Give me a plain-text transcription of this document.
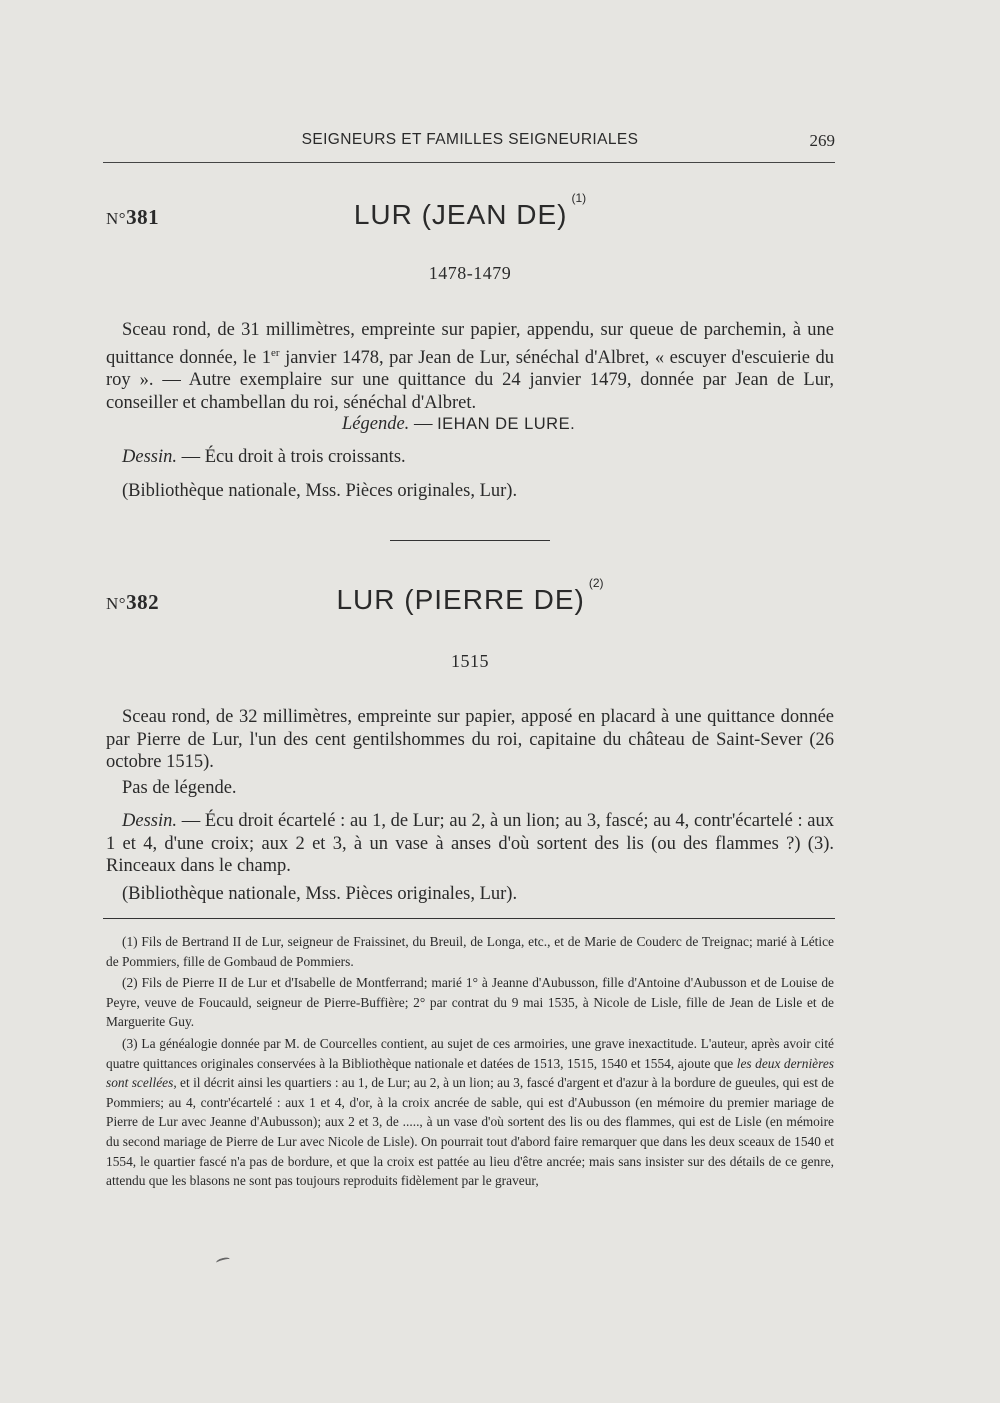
SEIGNEURS ET FAMILLES SEIGNEURIALES	269
N°381	LUR (JEAN DE)$^{(1)}$
1478-1479
Sceau rond, de 31 millimètres, empreinte sur papier, appendu, sur queue de parchemin, à une quittance donnée, le 1er janvier 1478, par Jean de Lur, sénéchal d'Albret, « escuyer d'escuierie du roy ». — Autre exemplaire sur une quittance du 24 janvier 1479, donnée par Jean de Lur, conseiller et chambellan du roi, sénéchal d'Albret.
Légende. — IEHAN DE LURE.
Dessin. — Écu droit à trois croissants.
(Bibliothèque nationale, Mss. Pièces originales, Lur).
N°382	LUR (PIERRE DE)$^{(2)}$
1515
Sceau rond, de 32 millimètres, empreinte sur papier, apposé en placard à une quittance donnée par Pierre de Lur, l'un des cent gentilshommes du roi, capitaine du château de Saint-Sever (26 octobre 1515).
Pas de légende.
Dessin. — Écu droit écartelé : au 1, de Lur; au 2, à un lion; au 3, fascé; au 4, contr'écartelé : aux 1 et 4, d'une croix; aux 2 et 3, à un vase à anses d'où sortent des lis (ou des flammes ?) (3). Rinceaux dans le champ.
(Bibliothèque nationale, Mss. Pièces originales, Lur).
(1) Fils de Bertrand II de Lur, seigneur de Fraissinet, du Breuil, de Longa, etc., et de Marie de Couderc de Treignac; marié à Létice de Pommiers, fille de Gombaud de Pommiers.
(2) Fils de Pierre II de Lur et d'Isabelle de Montferrand; marié 1° à Jeanne d'Aubusson, fille d'Antoine d'Aubusson et de Louise de Peyre, veuve de Foucauld, seigneur de Pierre-Buffière; 2° par contrat du 9 mai 1535, à Nicole de Lisle, fille de Jean de Lisle et de Marguerite Guy.
(3) La généalogie donnée par M. de Courcelles contient, au sujet de ces armoiries, une grave inexactitude. L'auteur, après avoir cité quatre quittances originales conservées à la Bibliothèque nationale et datées de 1513, 1515, 1540 et 1554, ajoute que les deux dernières sont scellées, et il décrit ainsi les quartiers : au 1, de Lur; au 2, à un lion; au 3, fascé d'argent et d'azur à la bordure de gueules, qui est de Pommiers; au 4, contr'écartelé : aux 1 et 4, d'or, à la croix ancrée de sable, qui est d'Aubusson (en mémoire du premier mariage de Pierre de Lur avec Jeanne d'Aubusson); aux 2 et 3, de ....., à un vase d'où sortent des lis ou des flammes, qui est de Lisle (en mémoire du second mariage de Pierre de Lur avec Nicole de Lisle). On pourrait tout d'abord faire remarquer que dans les deux sceaux de 1540 et 1554, le quartier fascé n'a pas de bordure, et que la croix est pattée au lieu d'être ancrée; mais sans insister sur des détails de ce genre, attendu que les blasons ne sont pas toujours reproduits fidèlement par le graveur,
